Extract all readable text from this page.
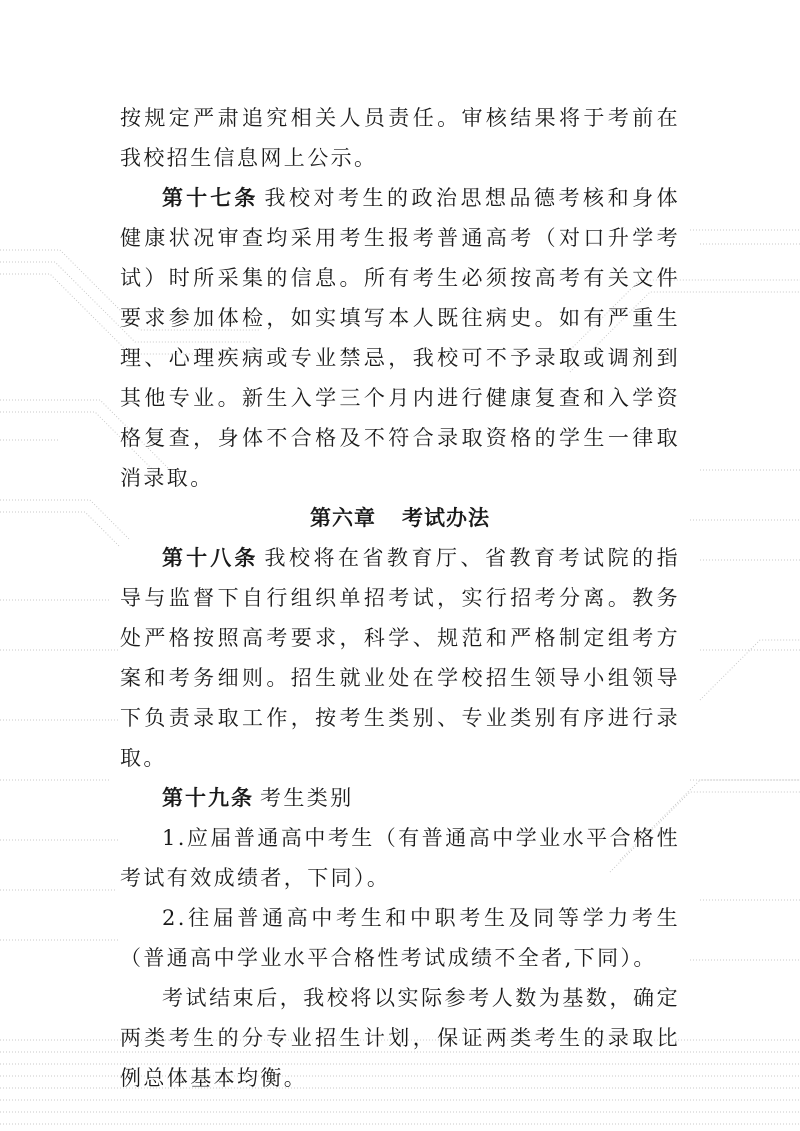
按规定严肃追究相关人员责任。审核结果将于考前在我校招生信息网上公示。

第十七条 我校对考生的政治思想品德考核和身体健康状况审查均采用考生报考普通高考（对口升学考试）时所采集的信息。所有考生必须按高考有关文件要求参加体检，如实填写本人既往病史。如有严重生理、心理疾病或专业禁忌，我校可不予录取或调剂到其他专业。新生入学三个月内进行健康复查和入学资格复查，身体不合格及不符合录取资格的学生一律取消录取。

第六章 考试办法

第十八条 我校将在省教育厅、省教育考试院的指导与监督下自行组织单招考试，实行招考分离。教务处严格按照高考要求，科学、规范和严格制定组考方案和考务细则。招生就业处在学校招生领导小组领导下负责录取工作，按考生类别、专业类别有序进行录取。

第十九条 考生类别

1.应届普通高中考生（有普通高中学业水平合格性考试有效成绩者，下同）。

2.往届普通高中考生和中职考生及同等学力考生（普通高中学业水平合格性考试成绩不全者,下同）。

考试结束后，我校将以实际参考人数为基数，确定两类考生的分专业招生计划，保证两类考生的录取比例总体基本均衡。
